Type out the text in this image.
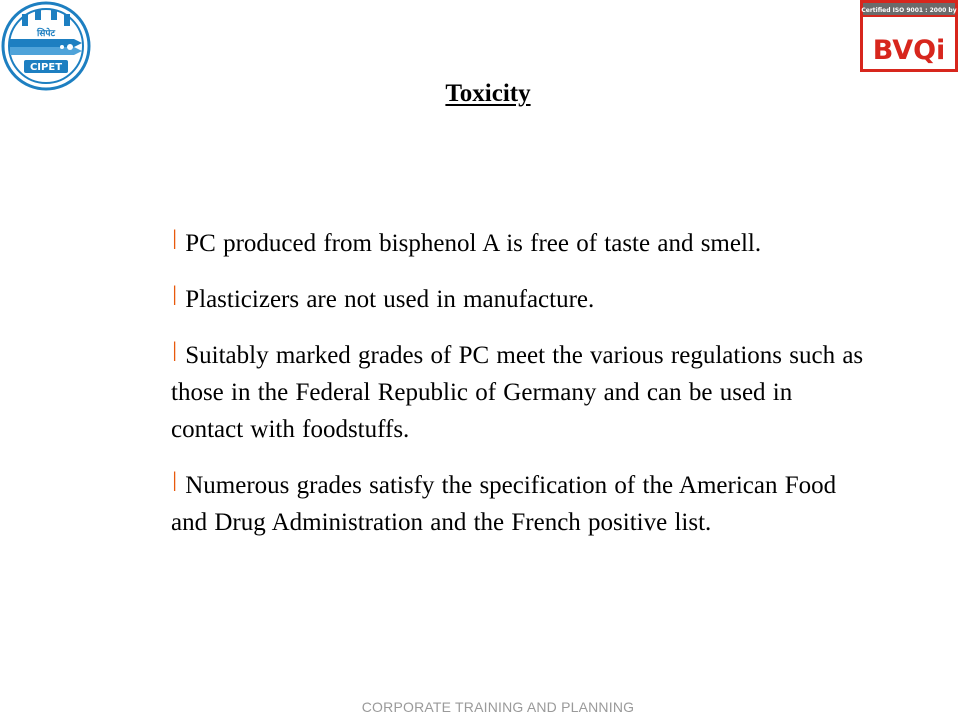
सिपेट
CIPET
Certified ISO 9001 : 2000 by
BVQi
Toxicity
l PC produced from bisphenol A is free of taste and smell.
l Plasticizers are not used in manufacture.
l Suitably marked grades of PC meet the various regulations such as those in the Federal Republic of Germany and can be used in contact with foodstuffs.
l Numerous grades satisfy the specification of the American Food and Drug Administration and the French positive list.
CORPORATE TRAINING AND PLANNING
